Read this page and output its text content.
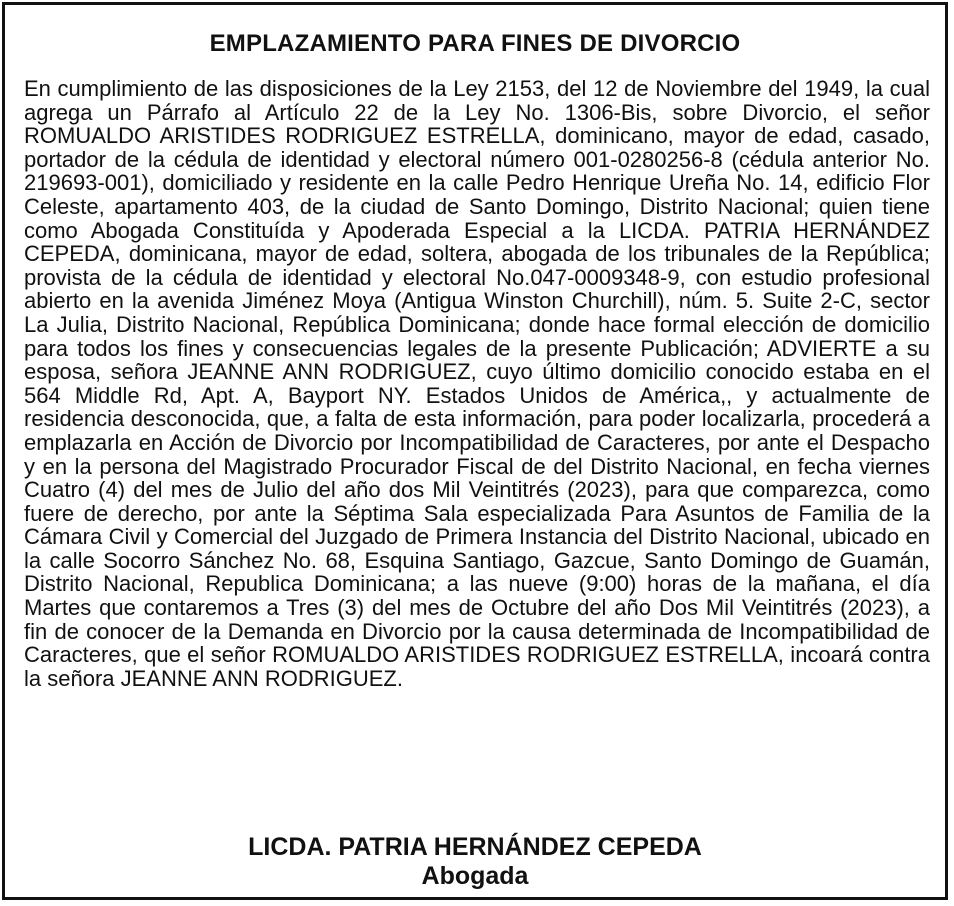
EMPLAZAMIENTO PARA FINES DE DIVORCIO

En cumplimiento de las disposiciones de la Ley 2153, del 12 de Noviembre del 1949, la cual agrega un Párrafo al Artículo 22 de la Ley No. 1306-Bis, sobre Divorcio, el señor ROMUALDO ARISTIDES RODRIGUEZ ESTRELLA, dominicano, mayor de edad, casado, portador de la cédula de identidad y electoral número 001-0280256-8 (cédula anterior No. 219693-001), domiciliado y residente en la calle Pedro Henrique Ureña No. 14, edificio Flor Celeste, apartamento 403, de la ciudad de Santo Domingo, Distrito Nacional; quien tiene como Abogada Constituída y Apoderada Especial a la LICDA. PATRIA HERNÁNDEZ CEPEDA, dominicana, mayor de edad, soltera, abogada de los tribunales de la República; provista de la cédula de identidad y electoral No.047-0009348-9, con estudio profesional abierto en la avenida Jiménez Moya (Antigua Winston Churchill), núm. 5. Suite 2-C, sector La Julia, Distrito Nacional, República Dominicana; donde hace formal elección de domicilio para todos los fines y consecuencias legales de la presente Publicación; ADVIERTE a su esposa, señora JEANNE ANN RODRIGUEZ, cuyo último domicilio conocido estaba en el 564 Middle Rd, Apt. A, Bayport NY. Estados Unidos de América,, y actualmente de residencia desconocida, que, a falta de esta información, para poder localizarla, procederá a emplazarla en Acción de Divorcio por Incompatibilidad de Caracteres, por ante el Despacho y en la persona del Magistrado Procurador Fiscal de del Distrito Nacional, en fecha viernes Cuatro (4) del mes de Julio del año dos Mil Veintitrés (2023), para que comparezca, como fuere de derecho, por ante la Séptima Sala especializada Para Asuntos de Familia de la Cámara Civil y Comercial del Juzgado de Primera Instancia del Distrito Nacional, ubicado en la calle Socorro Sánchez No. 68, Esquina Santiago, Gazcue, Santo Domingo de Guamán, Distrito Nacional, Republica Dominicana; a las nueve (9:00) horas de la mañana, el día Martes que contaremos a Tres (3) del mes de Octubre del año Dos Mil Veintitrés (2023), a fin de conocer de la Demanda en Divorcio por la causa determinada de Incompatibilidad de Caracteres, que el señor ROMUALDO ARISTIDES RODRIGUEZ ESTRELLA, incoará contra la señora JEANNE ANN RODRIGUEZ.

LICDA. PATRIA HERNÁNDEZ CEPEDA
Abogada
